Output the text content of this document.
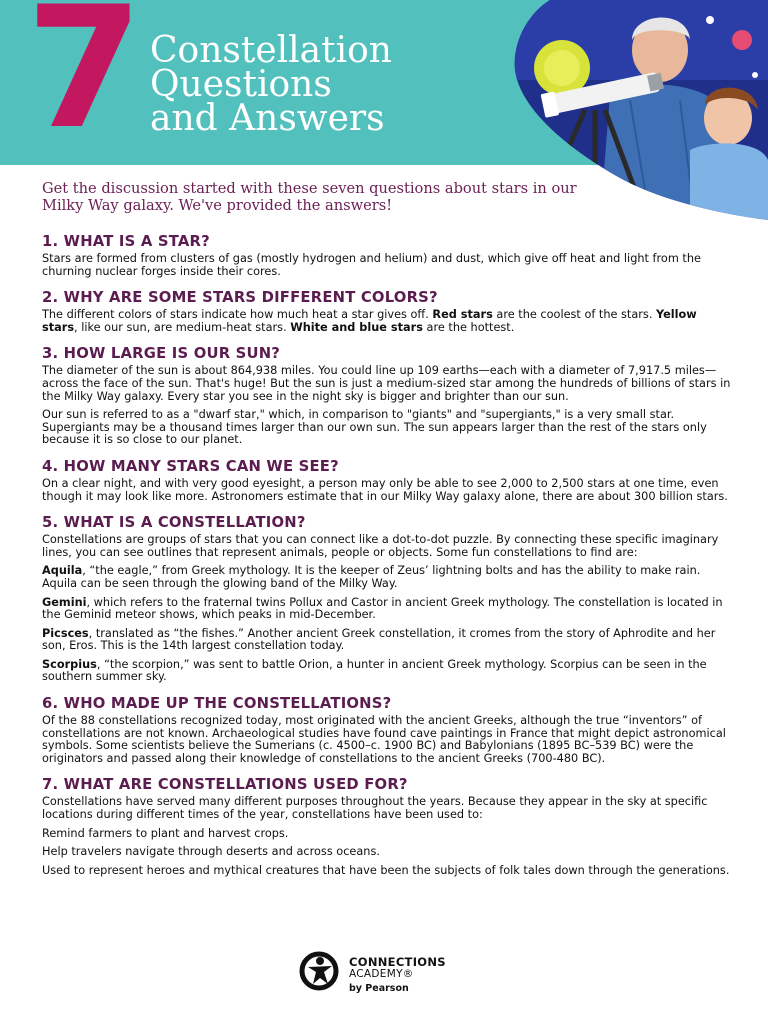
7 Constellation
Questions
and Answers
Get the discussion started with these seven questions about stars in our Milky Way galaxy. We've provided the answers!
1. WHAT IS A STAR?
Stars are formed from clusters of gas (mostly hydrogen and helium) and dust, which give off heat and light from the churning nuclear forges inside their cores.
2. WHY ARE SOME STARS DIFFERENT COLORS?
The different colors of stars indicate how much heat a star gives off. Red stars are the coolest of the stars. Yellow stars, like our sun, are medium-heat stars. White and blue stars are the hottest.
3. HOW LARGE IS OUR SUN?
The diameter of the sun is about 864,938 miles. You could line up 109 earths—each with a diameter of 7,917.5 miles—across the face of the sun. That's huge! But the sun is just a medium-sized star among the hundreds of billions of stars in the Milky Way galaxy. Every star you see in the night sky is bigger and brighter than our sun.
Our sun is referred to as a "dwarf star," which, in comparison to "giants" and "supergiants," is a very small star. Supergiants may be a thousand times larger than our own sun. The sun appears larger than the rest of the stars only because it is so close to our planet.
4. HOW MANY STARS CAN WE SEE?
On a clear night, and with very good eyesight, a person may only be able to see 2,000 to 2,500 stars at one time, even though it may look like more. Astronomers estimate that in our Milky Way galaxy alone, there are about 300 billion stars.
5. WHAT IS A CONSTELLATION?
Constellations are groups of stars that you can connect like a dot-to-dot puzzle. By connecting these specific imaginary lines, you can see outlines that represent animals, people or objects. Some fun constellations to find are:
Aquila, “the eagle,” from Greek mythology. It is the keeper of Zeus’ lightning bolts and has the ability to make rain. Aquila can be seen through the glowing band of the Milky Way.
Gemini, which refers to the fraternal twins Pollux and Castor in ancient Greek mythology. The constellation is located in the Geminid meteor shows, which peaks in mid-December.
Picsces, translated as “the fishes.” Another ancient Greek constellation, it cromes from the story of Aphrodite and her son, Eros. This is the 14th largest constellation today.
Scorpius, “the scorpion,” was sent to battle Orion, a hunter in ancient Greek mythology. Scorpius can be seen in the southern summer sky.
6. WHO MADE UP THE CONSTELLATIONS?
Of the 88 constellations recognized today, most originated with the ancient Greeks, although the true “inventors” of constellations are not known. Archaeological studies have found cave paintings in France that might depict astronomical symbols. Some scientists believe the Sumerians (c. 4500–c. 1900 BC) and Babylonians (1895 BC–539 BC) were the originators and passed along their knowledge of constellations to the ancient Greeks (700-480 BC).
7. WHAT ARE CONSTELLATIONS USED FOR?
Constellations have served many different purposes throughout the years. Because they appear in the sky at specific locations during different times of the year, constellations have been used to:
Remind farmers to plant and harvest crops.
Help travelers navigate through deserts and across oceans.
Used to represent heroes and mythical creatures that have been the subjects of folk tales down through the generations.
CONNECTIONS
ACADEMY®
by Pearson
